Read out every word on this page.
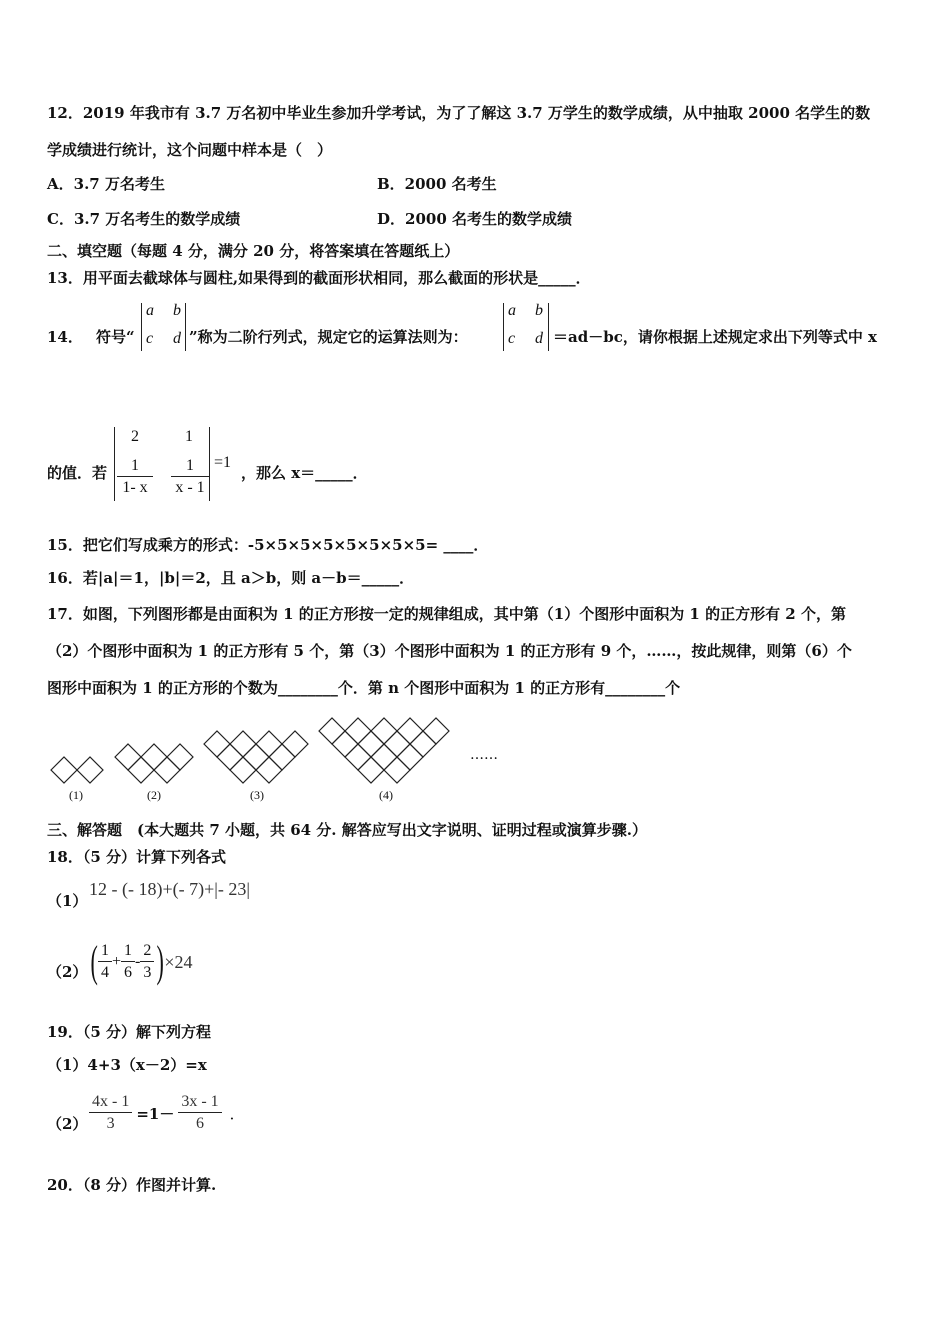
12．2019 年我市有 3.7 万名初中毕业生参加升学考试，为了了解这 3.7 万学生的数学成绩，从中抽取 2000 名学生的数
学成绩进行统计，这个问题中样本是（　）
A．3.7 万名考生	B．2000 名考生
C．3.7 万名考生的数学成绩	D．2000 名考生的数学成绩
二、填空题（每题 4 分，满分 20 分，将答案填在答题纸上）
13．用平面去截球体与圆柱,如果得到的截面形状相同，那么截面的形状是_____．
14． 符号“
a b
c d ”称为二阶行列式，规定它的运算法则为：
a b
c d ＝ad－bc，请你根据上述规定求出下列等式中 x
的值．若
2	1
$\frac{1}{1- x} \frac{1}{x - 1} =1$
，那么 x＝_____．
15．把它们写成乘方的形式：-5×5×5×5×5×5×5×5= ____．
16．若|a|＝1，|b|＝2，且 a＞b，则 a－b＝_____．
17．如图，下列图形都是由面积为 1 的正方形按一定的规律组成，其中第（1）个图形中面积为 1 的正方形有 2 个，第
（2）个图形中面积为 1 的正方形有 5 个，第（3）个图形中面积为 1 的正方形有 9 个，……，按此规律，则第（6）个
图形中面积为 1 的正方形的个数为________个．第 n 个图形中面积为 1 的正方形有________个
……
(1)	(2)	(3)	(4)
三、解答题　(本大题共 7 小题，共 64 分. 解答应写出文字说明、证明过程或演算步骤.）
18．（5 分）计算下列各式
（1）
12 - (- 18)+(- 7)+|- 23|
（2） ( $\frac{1}{4} + \frac{1}{6} - \frac{2}{3}$ ) ×24
19．（5 分）解下列方程
（1）4+3（x－2）=x
$(2) \frac{4x - 1}{3} =1- \frac{3x - 1}{6}$ ．
20．（8 分）作图并计算.
